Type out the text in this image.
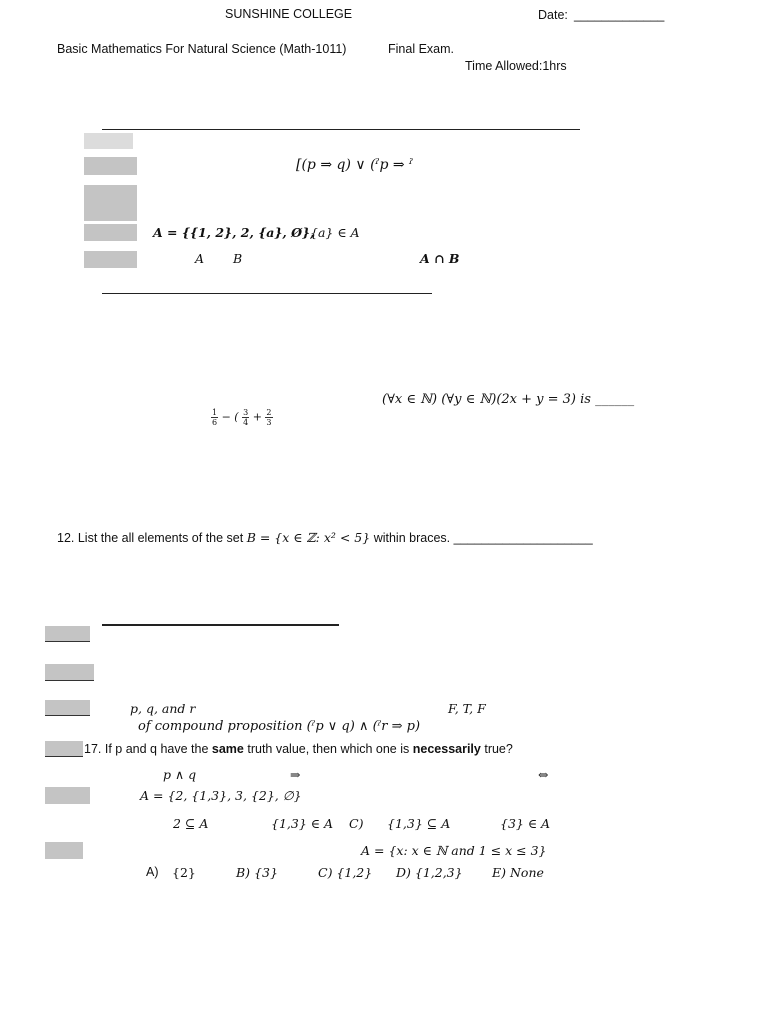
SUNSHINE COLLEGE	Date: _____________
Basic Mathematics For Natural Science (Math-1011)	Final Exam.
Time Allowed:1hrs
[(p ⇒ q) ∨ (ˀp ⇒ ˀ
A = {{1, 2}, 2, {a}, Ø},
{a} ∈ A
A B	A ∩ B
(∀x ∈ ℕ) (∀y ∈ ℕ)(2x + y = 3) is ______
$\frac{1}{6}$ − ( $\frac{3}{4} + \frac{2}{3}$
12. List the all elements of the set B = {x ∈ ℤ: x² < 5} within braces. ____________________
p, q, and r	F, T, F
of compound proposition (ˀp ∨ q) ∧ (ˀr ⇒ p)
17. If p and q have the same truth value, then which one is necessarily true?
p ∧ q	⇒	⇔
A = {2, {1,3}, 3, {2}, ∅}
2 ⊆ A	{1,3} ∈ A C) {1,3} ⊆ A	{3} ∈ A
A = {x: x ∈ ℕ and 1 ≤ x ≤ 3}
A) {2}	B) {3}	C) {1,2} D) {1,2,3} E) None
